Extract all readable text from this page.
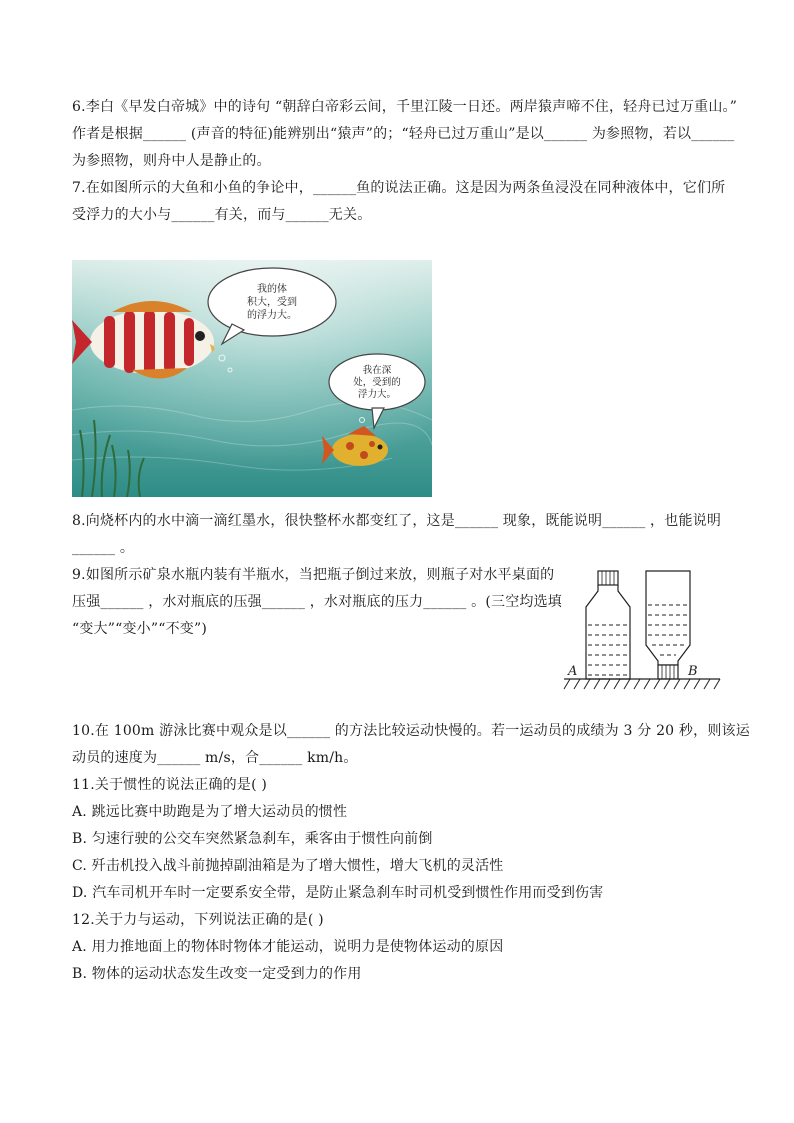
6.李白《早发白帝城》中的诗句 “朝辞白帝彩云间，千里江陵一日还。两岸猿声啼不住，轻舟已过万重山。”
作者是根据______ (声音的特征)能辨别出“猿声”的；“轻舟已过万重山”是以______ 为参照物，若以______
为参照物，则舟中人是静止的。
7.在如图所示的大鱼和小鱼的争论中，______鱼的说法正确。这是因为两条鱼浸没在同种液体中，它们所
受浮力的大小与______有关，而与______无关。
我的体
积大，受到
的浮力大。
我在深
处，受到的
浮力大。
8.向烧杯内的水中滴一滴红墨水，很快整杯水都变红了，这是______ 现象，既能说明______ ，也能说明
______ 。
9.如图所示矿泉水瓶内装有半瓶水，当把瓶子倒过来放，则瓶子对水平桌面的
压强______ ，水对瓶底的压强______ ，水对瓶底的压力______ 。(三空均选填
“变大”“变小”“不变”)
A	B
10.在 100m 游泳比赛中观众是以______ 的方法比较运动快慢的。若一运动员的成绩为 3 分 20 秒，则该运
动员的速度为______ m/s，合______ km/h。
11.关于惯性的说法正确的是( )
A. 跳远比赛中助跑是为了增大运动员的惯性
B. 匀速行驶的公交车突然紧急刹车，乘客由于惯性向前倒
C. 歼击机投入战斗前抛掉副油箱是为了增大惯性，增大飞机的灵活性
D. 汽车司机开车时一定要系安全带，是防止紧急刹车时司机受到惯性作用而受到伤害
12.关于力与运动，下列说法正确的是( )
A. 用力推地面上的物体时物体才能运动，说明力是使物体运动的原因
B. 物体的运动状态发生改变一定受到力的作用
